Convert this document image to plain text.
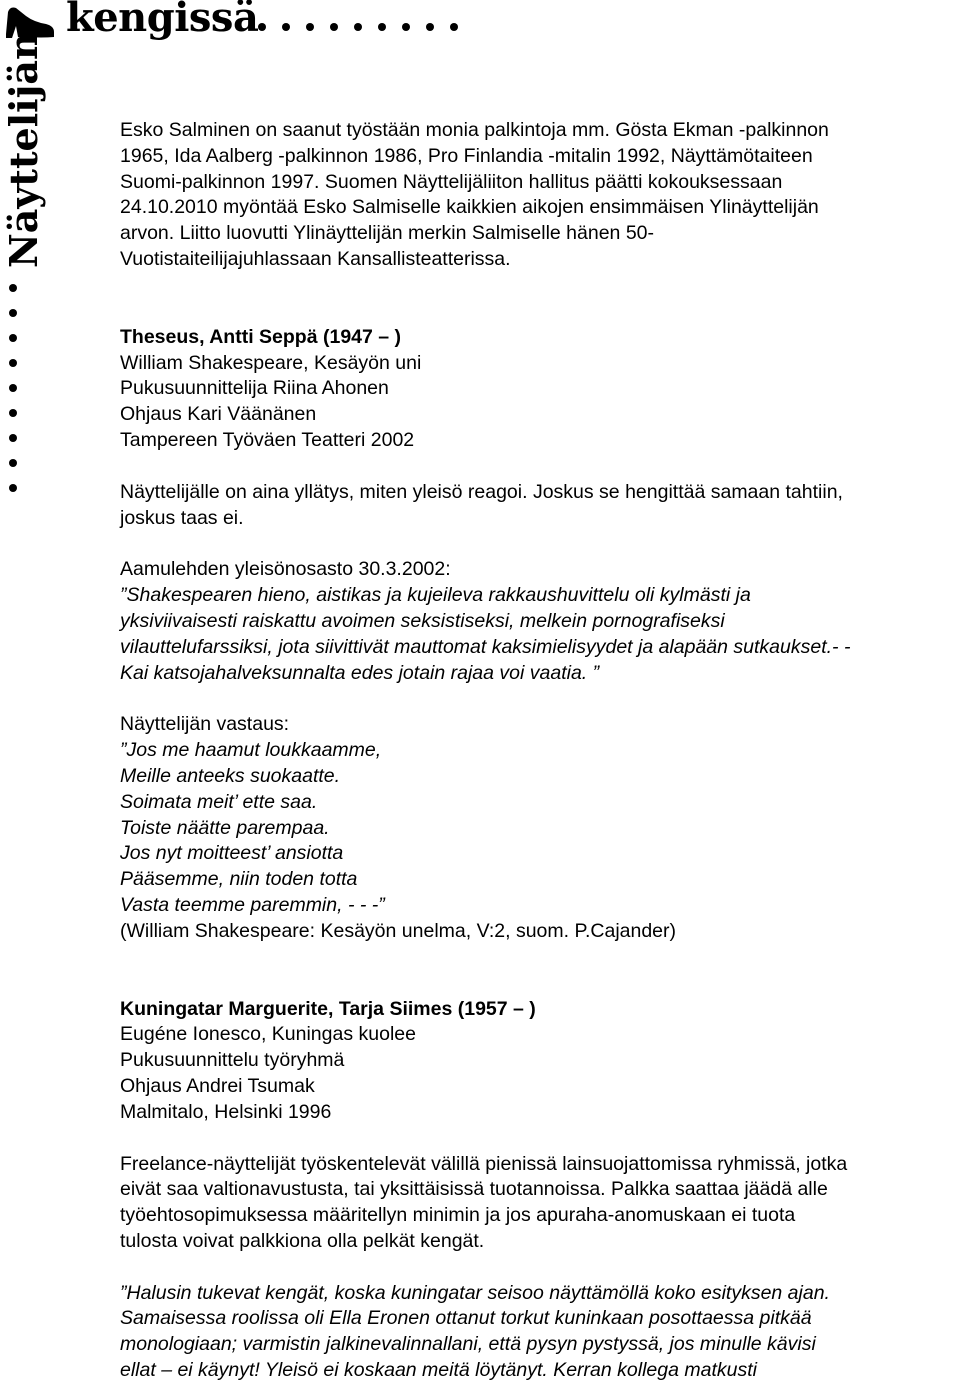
kengissä
Näyttelijän	Esko Salminen on saanut työstään monia palkintoja mm. Gösta Ekman -palkinnon

1965, Ida Aalberg -palkinnon 1986, Pro Finlandia -mitalin 1992, Näyttämötaiteen

Suomi-palkinnon 1997. Suomen Näyttelijäliiton hallitus päätti kokouksessaan

24.10.2010 myöntää Esko Salmiselle kaikkien aikojen ensimmäisen Ylinäyttelijän

arvon. Liitto luovutti Ylinäyttelijän merkin Salmiselle hänen 50-

Vuotistaiteilijajuhlassaan Kansallisteatterissa.

Theseus, Antti Seppä (1947 – )

William Shakespeare, Kesäyön uni

Pukusuunnittelija Riina Ahonen

Ohjaus Kari Väänänen

Tampereen Työväen Teatteri 2002

Näyttelijälle on aina yllätys, miten yleisö reagoi. Joskus se hengittää samaan tahtiin,

joskus taas ei.

Aamulehden yleisönosasto 30.3.2002:

”Shakespearen hieno, aistikas ja kujeileva rakkaushuvittelu oli kylmästi ja

yksiviivaisesti raiskattu avoimen seksistiseksi, melkein pornografiseksi

vilauttelufarssiksi, jota siivittivät mauttomat kaksimielisyydet ja alapään sutkaukset.- -

Kai katsojahalveksunnalta edes jotain rajaa voi vaatia. ”

Näyttelijän vastaus:

”Jos me haamut loukkaamme,

Meille anteeks suokaatte.

Soimata meit’ ette saa.

Toiste näätte parempaa.

Jos nyt moitteest’ ansiotta

Pääsemme, niin toden totta

Vasta teemme paremmin, - - -”

(William Shakespeare: Kesäyön unelma, V:2, suom. P.Cajander)

Kuningatar Marguerite, Tarja Siimes (1957 – )

Eugéne Ionesco, Kuningas kuolee

Pukusuunnittelu työryhmä

Ohjaus Andrei Tsumak

Malmitalo, Helsinki 1996

Freelance-näyttelijät työskentelevät välillä pienissä lainsuojattomissa ryhmissä, jotka

eivät saa valtionavustusta, tai yksittäisissä tuotannoissa. Palkka saattaa jäädä alle

työehtosopimuksessa määritellyn minimin ja jos apuraha-anomuskaan ei tuota

tulosta voivat palkkiona olla pelkät kengät.

”Halusin tukevat kengät, koska kuningatar seisoo näyttämöllä koko esityksen ajan.

Samaisessa roolissa oli Ella Eronen ottanut torkut kuninkaan posottaessa pitkää

monologiaan; varmistin jalkinevalinnallani, että pysyn pystyssä, jos minulle kävisi

ellat – ei käynyt! Yleisö ei koskaan meitä löytänyt. Kerran kollega matkusti
